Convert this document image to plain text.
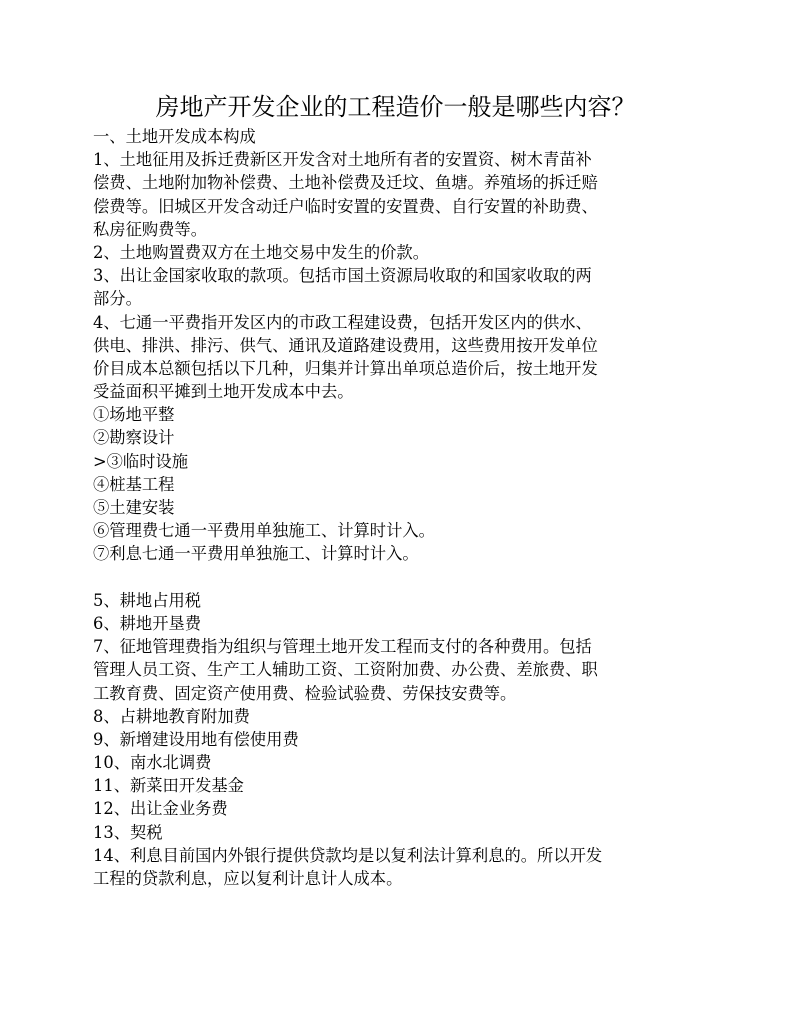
房地产开发企业的工程造价一般是哪些内容？
一、土地开发成本构成
1、土地征用及拆迁费新区开发含对土地所有者的安置资、树木青苗补
偿费、土地附加物补偿费、土地补偿费及迁坟、鱼塘。养殖场的拆迁赔
偿费等。旧城区开发含动迁户临时安置的安置费、自行安置的补助费、
私房征购费等。
2、土地购置费双方在土地交易中发生的价款。
3、出让金国家收取的款项。包括市国土资源局收取的和国家收取的两
部分。
4、七通一平费指开发区内的市政工程建设费，包括开发区内的供水、
供电、排洪、排污、供气、通讯及道路建设费用，这些费用按开发单位
价目成本总额包括以下几种，归集并计算出单项总造价后，按土地开发
受益面积平摊到土地开发成本中去。
①场地平整
②勘察设计
>③临时设施
④桩基工程
⑤土建安装
⑥管理费七通一平费用单独施工、计算时计入。
⑦利息七通一平费用单独施工、计算时计入。
5、耕地占用税
6、耕地开垦费
7、征地管理费指为组织与管理土地开发工程而支付的各种费用。包括
管理人员工资、生产工人辅助工资、工资附加费、办公费、差旅费、职
工教育费、固定资产使用费、检验试验费、劳保技安费等。
8、占耕地教育附加费
9、新增建设用地有偿使用费
10、南水北调费
11、新菜田开发基金
12、出让金业务费
13、契税
14、利息目前国内外银行提供贷款均是以复利法计算利息的。所以开发
工程的贷款利息，应以复利计息计人成本。
